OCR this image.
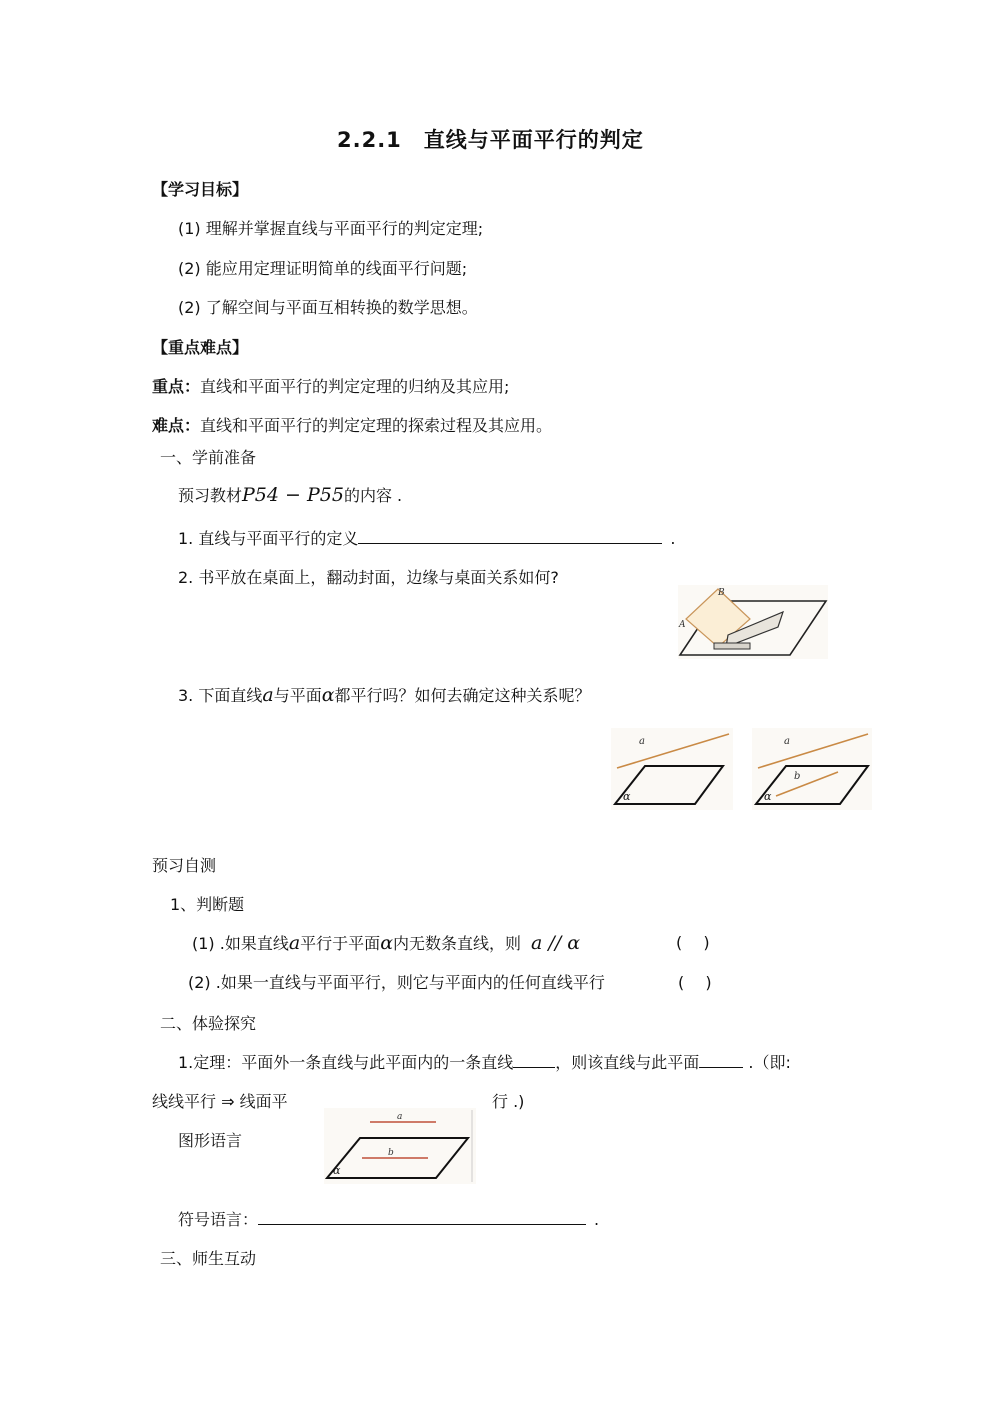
2.2.1　直线与平面平行的判定
【学习目标】
(1) 理解并掌握直线与平面平行的判定定理;
(2) 能应用定理证明简单的线面平行问题;
(2) 了解空间与平面互相转换的数学思想。
【重点难点】
重点：直线和平面平行的判定定理的归纳及其应用;
难点：直线和平面平行的判定定理的探索过程及其应用。
一、学前准备
预习教材P54 − P55的内容 .
1. 直线与平面平行的定义	.
2. 书平放在桌面上，翻动封面，边缘与桌面关系如何?
B
A
3. 下面直线a与平面α都平行吗？如何去确定这种关系呢？
a
α
a
b
α
预习自测
1、判断题
(1) .如果直线a平行于平面α内无数条直线，则 a // α	(　 )
(2) .如果一直线与平面平行，则它与平面内的任何直线平行	(　 )
二、体验探究
1.定理：平面外一条直线与此平面内的一条直线	，则该直线与此平面	.（即:
线线平行 ⇒ 线面平	行 .)
图形语言
a
b
α
符号语言：	.
三、师生互动
